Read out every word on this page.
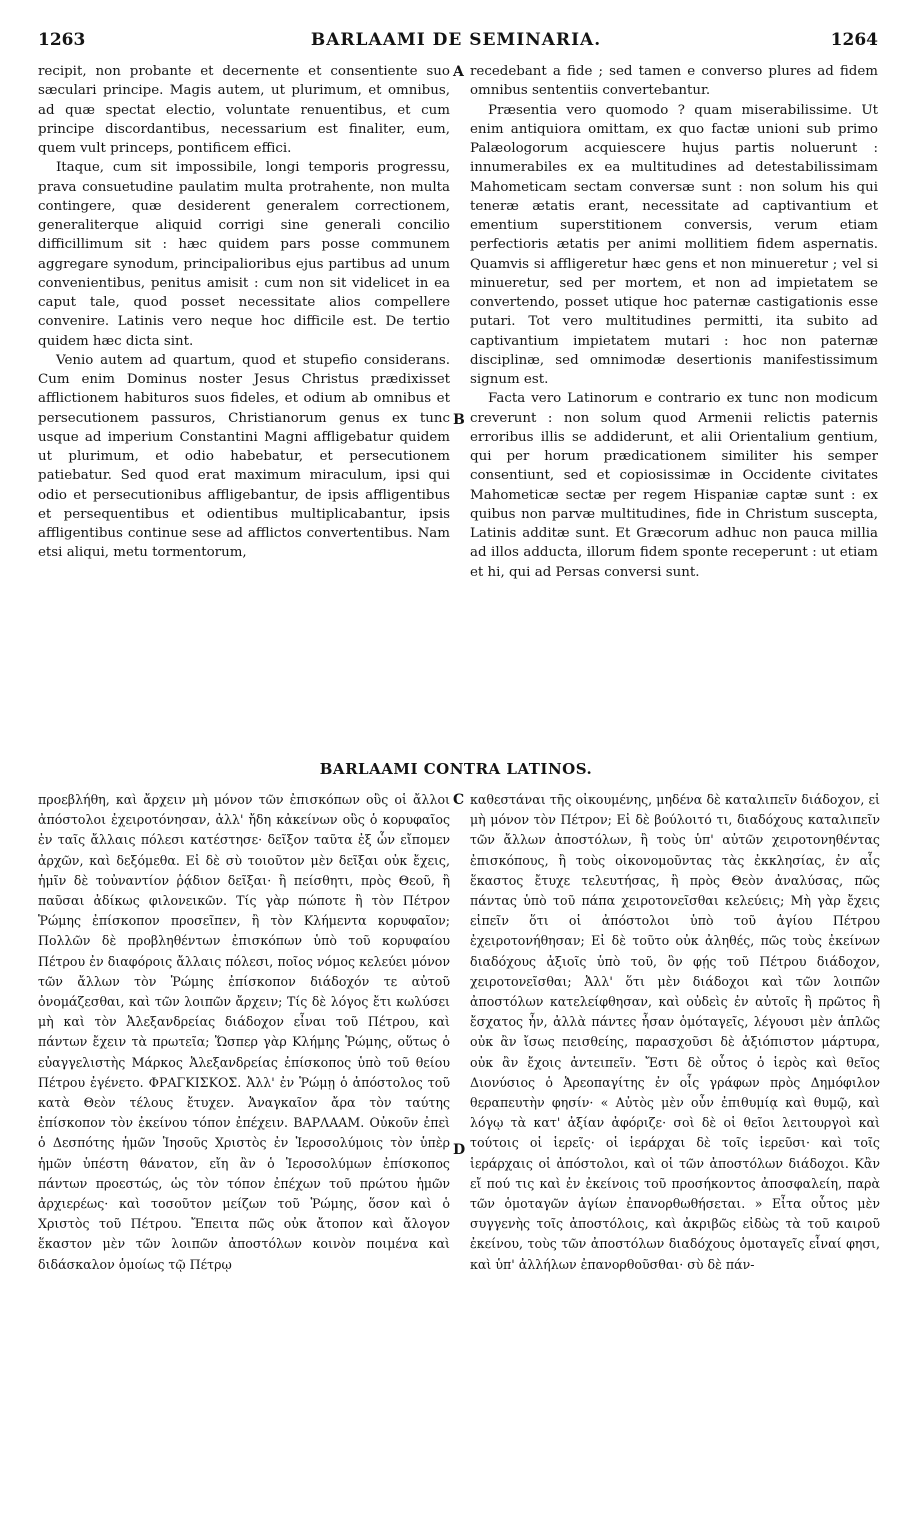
1263	BARLAAMI DE SEMINARIA.	1264

recipit, non probante et decernente et consentiente suo sæculari principe. Magis autem, ut plurimum, et omnibus, ad quæ spectat electio, voluntate renuentibus, et cum principe discordantibus, necessarium est finaliter, eum, quem vult princeps, pontificem effici.

Itaque, cum sit impossibile, longi temporis progressu, prava consuetudine paulatim multa protrahente, non multa contingere, quæ desiderent generalem correctionem, generaliterque aliquid corrigi sine generali concilio difficillimum sit : hæc quidem pars posse communem aggregare synodum, principalioribus ejus partibus ad unum convenientibus, penitus amisit : cum non sit videlicet in ea caput tale, quod posset necessitate alios compellere convenire. Latinis vero neque hoc difficile est. De tertio quidem hæc dicta sint.

Venio autem ad quartum, quod et stupefio considerans. Cum enim Dominus noster Jesus Christus prædixisset afflictionem habituros suos fideles, et odium ab omnibus et persecutionem passuros, Christianorum genus ex tunc usque ad imperium Constantini Magni affligebatur quidem ut plurimum, et odio habebatur, et persecutionem patiebatur. Sed quod erat maximum miraculum, ipsi qui odio et persecutionibus affligebantur, de ipsis affligentibus et persequentibus et odientibus multiplicabantur, ipsis affligentibus continue sese ad afflictos convertentibus. Nam etsi aliqui, metu tormentorum,

A
B

recedebant a fide ; sed tamen e converso plures ad fidem omnibus sententiis convertebantur.

Præsentia vero quomodo ? quam miserabilissime. Ut enim antiquiora omittam, ex quo factæ unioni sub primo Palæologorum acquiescere hujus partis noluerunt : innumerabiles ex ea multitudines ad detestabilissimam Mahometicam sectam conversæ sunt : non solum his qui teneræ ætatis erant, necessitate ad captivantium et ementium superstitionem conversis, verum etiam perfectioris ætatis per animi mollitiem fidem aspernatis. Quamvis si affligeretur hæc gens et non minueretur ; vel si minueretur, sed per mortem, et non ad impietatem se convertendo, posset utique hoc paternæ castigationis esse putari. Tot vero multitudines permitti, ita subito ad captivantium impietatem mutari : hoc non paternæ disciplinæ, sed omnimodæ desertionis manifestissimum signum est.

Facta vero Latinorum e contrario ex tunc non modicum creverunt : non solum quod Armenii relictis paternis erroribus illis se addiderunt, et alii Orientalium gentium, qui per horum prædicationem similiter his semper consentiunt, sed et copiosissimæ in Occidente civitates Mahometicæ sectæ per regem Hispaniæ captæ sunt : ex quibus non parvæ multitudines, fide in Christum suscepta, Latinis additæ sunt. Et Græcorum adhuc non pauca millia ad illos adducta, illorum fidem sponte receperunt : ut etiam et hi, qui ad Persas conversi sunt.

BARLAAMI CONTRA LATINOS.

προεβλήθη, καὶ ἄρχειν μὴ μόνον τῶν ἐπισκόπων οὓς οἱ ἄλλοι ἀπόστολοι ἐχειροτόνησαν, ἀλλ' ἤδη κἀκείνων οὓς ὁ κορυφαῖος ἐν ταῖς ἄλλαις πόλεσι κατέστησε· δεῖξον ταῦτα ἐξ ὧν εἴπομεν ἀρχῶν, καὶ δεξόμεθα. Εἰ δὲ σὺ τοιοῦτον μὲν δεῖξαι οὐκ ἔχεις, ἡμῖν δὲ τοὐναντίον ῥᾴδιον δεῖξαι· ἢ πείσθητι, πρὸς Θεοῦ, ἢ παῦσαι ἀδίκως φιλονεικῶν. Τίς γὰρ πώποτε ἢ τὸν Πέτρον Ῥώμης ἐπίσκοπον προσεῖπεν, ἢ τὸν Κλήμεντα κορυφαῖον; Πολλῶν δὲ προβληθέντων ἐπισκόπων ὑπὸ τοῦ κορυφαίου Πέτρου ἐν διαφόροις ἄλλαις πόλεσι, ποῖος νόμος κελεύει μόνον τῶν ἄλλων τὸν Ῥώμης ἐπίσκοπον διάδοχόν τε αὐτοῦ ὀνομάζεσθαι, καὶ τῶν λοιπῶν ἄρχειν; Τίς δὲ λόγος ἔτι κωλύσει μὴ καὶ τὸν Ἀλεξανδρείας διάδοχον εἶναι τοῦ Πέτρου, καὶ πάντων ἔχειν τὰ πρωτεῖα; Ὥσπερ γὰρ Κλήμης Ῥώμης, οὕτως ὁ εὐαγγελιστὴς Μάρκος Ἀλεξανδρείας ἐπίσκοπος ὑπὸ τοῦ θείου Πέτρου ἐγένετο. ΦΡΑΓΚΙΣΚΟΣ. Ἀλλ' ἐν Ῥώμῃ ὁ ἀπόστολος τοῦ κατὰ Θεὸν τέλους ἔτυχεν. Ἀναγκαῖον ἄρα τὸν ταύτης ἐπίσκοπον τὸν ἐκείνου τόπον ἐπέχειν. ΒΑΡΛΑΑΜ. Οὐκοῦν ἐπεὶ ὁ Δεσπότης ἡμῶν Ἰησοῦς Χριστὸς ἐν Ἱεροσολύμοις τὸν ὑπὲρ ἡμῶν ὑπέστη θάνατον, εἴη ἂν ὁ Ἱεροσολύμων ἐπίσκοπος πάντων προεστώς, ὡς τὸν τόπον ἐπέχων τοῦ πρώτου ἡμῶν ἀρχιερέως· καὶ τοσοῦτον μείζων τοῦ Ῥώμης, ὅσον καὶ ὁ Χριστὸς τοῦ Πέτρου. Ἔπειτα πῶς οὐκ ἄτοπον καὶ ἄλογον ἕκαστον μὲν τῶν λοιπῶν ἀποστόλων κοινὸν ποιμένα καὶ διδάσκαλον ὁμοίως τῷ Πέτρῳ

C
D

καθεστάναι τῆς οἰκουμένης, μηδένα δὲ καταλιπεῖν διάδοχον, εἰ μὴ μόνον τὸν Πέτρον; Εἰ δὲ βούλοιτό τι, διαδόχους καταλιπεῖν τῶν ἄλλων ἀποστόλων, ἢ τοὺς ὑπ' αὐτῶν χειροτονηθέντας ἐπισκόπους, ἢ τοὺς οἰκονομοῦντας τὰς ἐκκλησίας, ἐν αἷς ἕκαστος ἔτυχε τελευτήσας, ἢ πρὸς Θεὸν ἀναλύσας, πῶς πάντας ὑπὸ τοῦ πάπα χειροτονεῖσθαι κελεύεις; Μὴ γὰρ ἔχεις εἰπεῖν ὅτι οἱ ἀπόστολοι ὑπὸ τοῦ ἁγίου Πέτρου ἐχειροτονήθησαν; Εἰ δὲ τοῦτο οὐκ ἀληθές, πῶς τοὺς ἐκείνων διαδόχους ἀξιοῖς ὑπὸ τοῦ, ὃν φῄς τοῦ Πέτρου διάδοχον, χειροτονεῖσθαι; Ἀλλ' ὅτι μὲν διάδοχοι καὶ τῶν λοιπῶν ἀποστόλων κατελείφθησαν, καὶ οὐδεὶς ἐν αὐτοῖς ἢ πρῶτος ἢ ἔσχατος ἦν, ἀλλὰ πάντες ἦσαν ὁμόταγεῖς, λέγουσι μὲν ἁπλῶς οὐκ ἂν ἴσως πεισθείης, παρασχοῦσι δὲ ἀξιόπιστον μάρτυρα, οὐκ ἂν ἔχοις ἀντειπεῖν. Ἔστι δὲ οὗτος ὁ ἱερὸς καὶ θεῖος Διονύσιος ὁ Ἀρεοπαγίτης ἐν οἷς γράφων πρὸς Δημόφιλον θεραπευτὴν φησίν· « Αὐτὸς μὲν οὖν ἐπιθυμίᾳ καὶ θυμῷ, καὶ λόγῳ τὰ κατ' ἀξίαν ἀφόριζε· σοὶ δὲ οἱ θεῖοι λειτουργοὶ καὶ τούτοις οἱ ἱερεῖς· οἱ ἱεράρχαι δὲ τοῖς ἱερεῦσι· καὶ τοῖς ἱεράρχαις οἱ ἀπόστολοι, καὶ οἱ τῶν ἀποστόλων διάδοχοι. Κἂν εἴ πού τις καὶ ἐν ἐκείνοις τοῦ προσήκοντος ἀποσφαλείη, παρὰ τῶν ὁμοταγῶν ἁγίων ἐπανορθωθήσεται. » Εἶτα οὗτος μὲν συγγενὴς τοῖς ἀποστόλοις, καὶ ἀκριβῶς εἰδὼς τὰ τοῦ καιροῦ ἐκείνου, τοὺς τῶν ἀποστόλων διαδόχους ὁμοταγεῖς εἶναί φησι, καὶ ὑπ' ἀλλήλων ἐπανορθοῦσθαι· σὺ δὲ πάν-
